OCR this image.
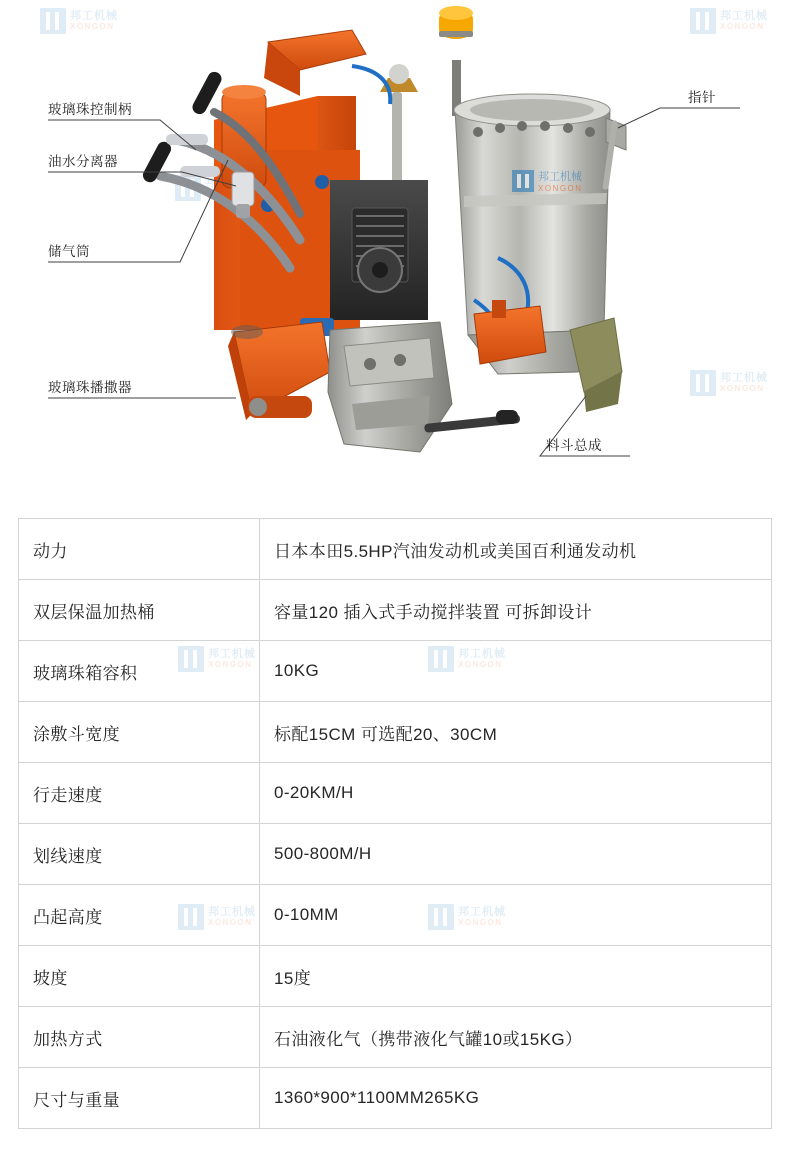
邦工机械
XONGON
邦工机械
XONGON
邦工机械
XONGON
邦工机械
XONGON
玻璃珠控制柄
油水分离器
储气筒
玻璃珠播撒器
指针
料斗总成
邦工机械
XONGON
邦工机械
XONGON
邦工机械
XONGON
邦工机械
XONGON
动力	日本本田5.5HP汽油发动机或美国百利通发动机
双层保温加热桶	容量120 插入式手动搅拌装置 可拆卸设计
玻璃珠箱容积	10KG
涂敷斗宽度	标配15CM 可选配20、30CM
行走速度	0-20KM/H
划线速度	500-800M/H
凸起高度	0-10MM
坡度	15度
加热方式	石油液化气（携带液化气罐10或15KG）
尺寸与重量	1360*900*1100MM265KG
